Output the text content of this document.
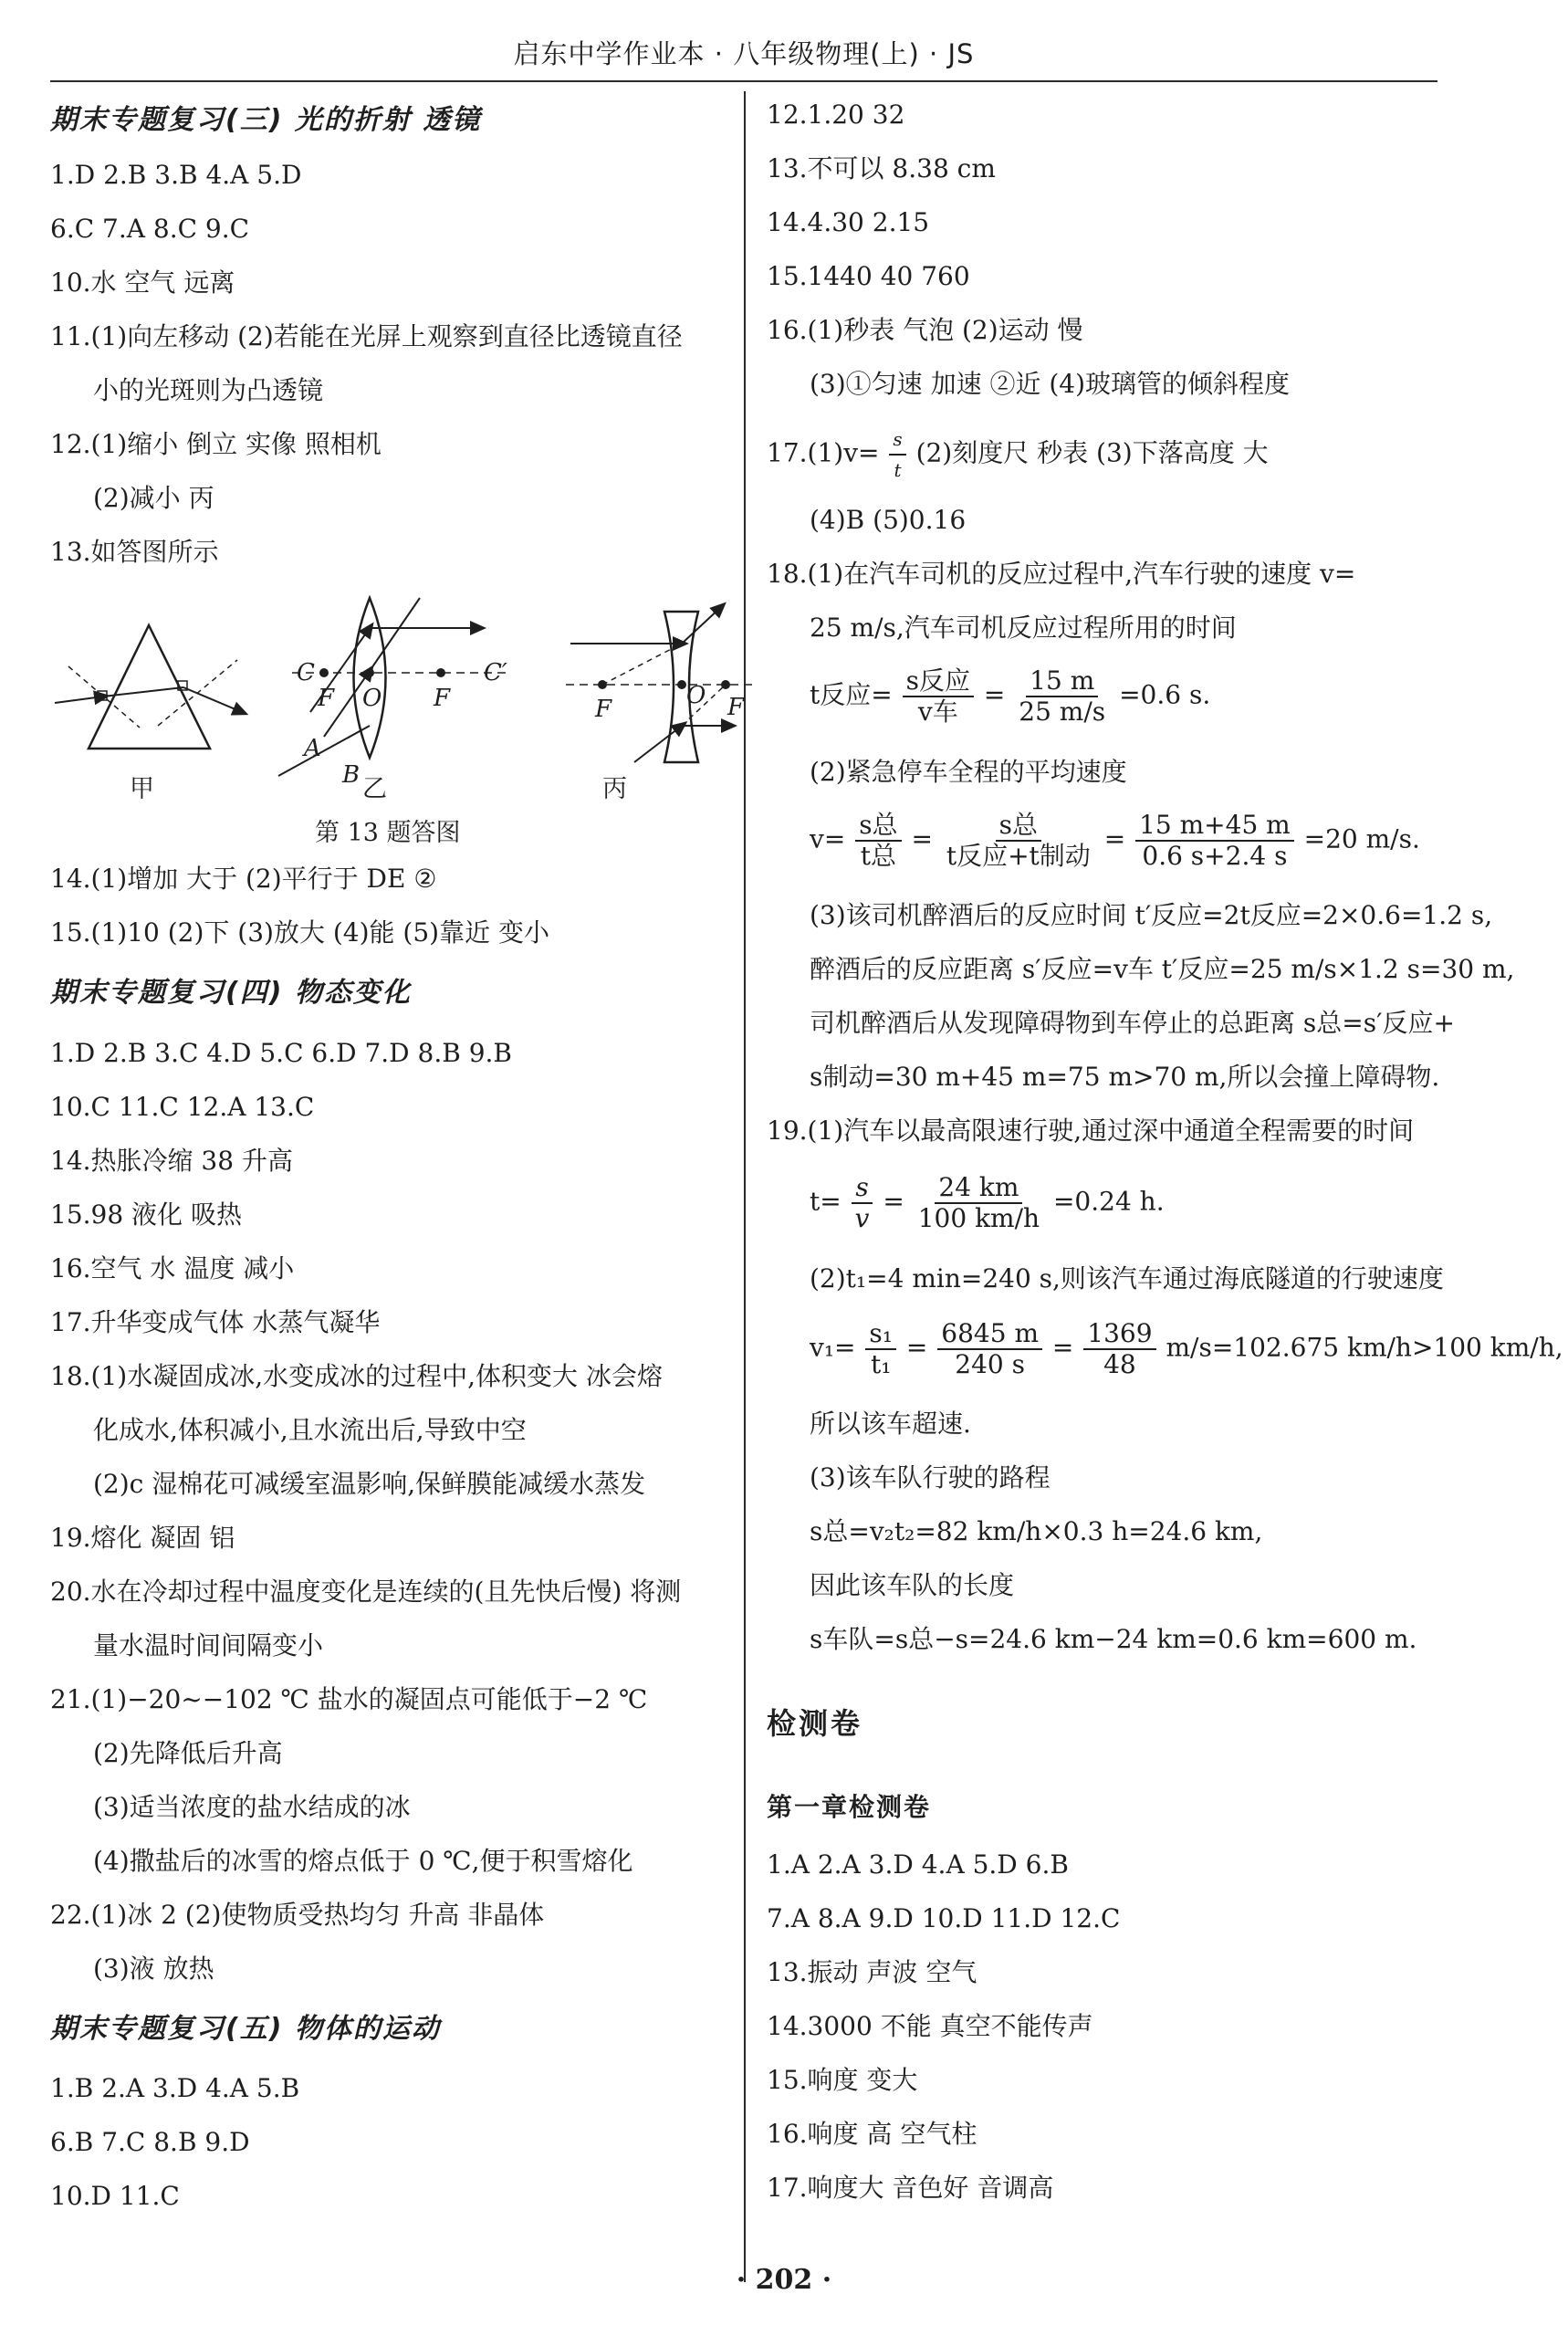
启东中学作业本 · 八年级物理(上) · JS
期末专题复习(三) 光的折射 透镜
1.D 2.B 3.B 4.A 5.D
6.C 7.A 8.C 9.C
10.水 空气 远离
11.(1)向左移动 (2)若能在光屏上观察到直径比透镜直径
小的光斑则为凸透镜
12.(1)缩小 倒立 实像 照相机
(2)减小 丙
13.如答图所示
C	C′
F O F
A
B
F	O F
甲	乙	丙
第 13 题答图
14.(1)增加 大于 (2)平行于 DE ②
15.(1)10 (2)下 (3)放大 (4)能 (5)靠近 变小
期末专题复习(四) 物态变化
1.D 2.B 3.C 4.D 5.C 6.D 7.D 8.B 9.B
10.C 11.C 12.A 13.C
14.热胀冷缩 38 升高
15.98 液化 吸热
16.空气 水 温度 减小
17.升华变成气体 水蒸气凝华
18.(1)水凝固成冰,水变成冰的过程中,体积变大 冰会熔
化成水,体积减小,且水流出后,导致中空
(2)c 湿棉花可减缓室温影响,保鲜膜能减缓水蒸发
19.熔化 凝固 铝
20.水在冷却过程中温度变化是连续的(且先快后慢) 将测
量水温时间间隔变小
21.(1)−20~−102 ℃ 盐水的凝固点可能低于−2 ℃
(2)先降低后升高
(3)适当浓度的盐水结成的冰
(4)撒盐后的冰雪的熔点低于 0 ℃,便于积雪熔化
22.(1)冰 2 (2)使物质受热均匀 升高 非晶体
(3)液 放热
期末专题复习(五) 物体的运动
1.B 2.A 3.D 4.A 5.B
6.B 7.C 8.B 9.D
10.D 11.C
12.1.20 32
13.不可以 8.38 cm
14.4.30 2.15
15.1440 40 760
16.(1)秒表 气泡 (2)运动 慢
(3)①匀速 加速 ②近 (4)玻璃管的倾斜程度
$17.(1)v= \frac{s}{t} (2)$刻度尺 秒表 (3)下落高度 大
(4)B (5)0.16
18.(1)在汽车司机的反应过程中,汽车行驶的速度 v=
25 m/s,汽车司机反应过程所用的时间
t反应= $\frac{\text{s反应}}{\text{v车}} = \frac{15 m}{25 m/s} =0.6$ s.
(2)紧急停车全程的平均速度
$v= \frac{\text{s总}}{\text{t总}} = \frac{\text{s总}}{\text{t反应+t制动}} = \frac{15 m+45 m}{0.6 s+2.4 s} =20$ m/s.
(3)该司机醉酒后的反应时间 t′反应=2t反应=2×0.6=1.2 s,
醉酒后的反应距离 s′反应=v车 t′反应=25 m/s×1.2 s=30 m,
司机醉酒后从发现障碍物到车停止的总距离 s总=s′反应+
s制动=30 m+45 m=75 m>70 m,所以会撞上障碍物.
19.(1)汽车以最高限速行驶,通过深中通道全程需要的时间
$t= \frac{s}{v} = \frac{24 km}{100 km/h} =0.24$ h.
(2)t₁=4 min=240 s,则该汽车通过海底隧道的行驶速度
$v_1= \frac{\text{s₁}}{\text{t₁}} = \frac{6845 m}{240 s} = \frac{1369}{48} m/s=102.675$ km/h>100 km/h,
所以该车超速.
(3)该车队行驶的路程
s总=v₂t₂=82 km/h×0.3 h=24.6 km,
因此该车队的长度
s车队=s总−s=24.6 km−24 km=0.6 km=600 m.
检测卷
第一章检测卷
1.A 2.A 3.D 4.A 5.D 6.B
7.A 8.A 9.D 10.D 11.D 12.C
13.振动 声波 空气
14.3000 不能 真空不能传声
15.响度 变大
16.响度 高 空气柱
17.响度大 音色好 音调高
· 202 ·
